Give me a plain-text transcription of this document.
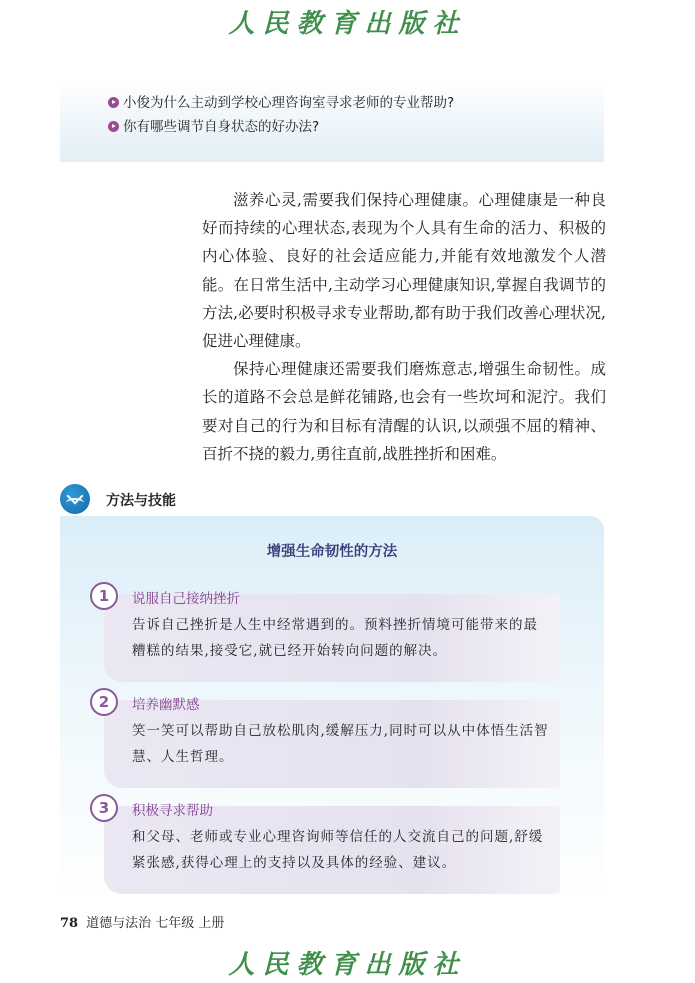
人民教育出版社
小俊为什么主动到学校心理咨询室寻求老师的专业帮助?
你有哪些调节自身状态的好办法?

滋养心灵,需要我们保持心理健康。心理健康是一种良好而持续的心理状态,表现为个人具有生命的活力、积极的内心体验、良好的社会适应能力,并能有效地激发个人潜能。在日常生活中,主动学习心理健康知识,掌握自我调节的方法,必要时积极寻求专业帮助,都有助于我们改善心理状况,促进心理健康。

保持心理健康还需要我们磨炼意志,增强生命韧性。成长的道路不会总是鲜花铺路,也会有一些坎坷和泥泞。我们要对自己的行为和目标有清醒的认识,以顽强不屈的精神、百折不挠的毅力,勇往直前,战胜挫折和困难。

方法与技能
增强生命韧性的方法
1	说服自己接纳挫折
告诉自己挫折是人生中经常遇到的。预料挫折情境可能带来的最糟糕的结果,接受它,就已经开始转向问题的解决。
2	培养幽默感
笑一笑可以帮助自己放松肌肉,缓解压力,同时可以从中体悟生活智慧、人生哲理。
3	积极寻求帮助
和父母、老师或专业心理咨询师等信任的人交流自己的问题,舒缓紧张感,获得心理上的支持以及具体的经验、建议。
78 道德与法治 七年级 上册
人民教育出版社
